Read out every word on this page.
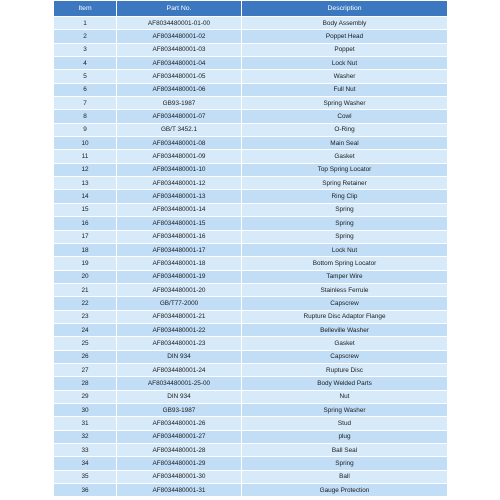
Item	Part No.	Description
1	AF8034480001-01-00	Body Assembly
2	AF8034480001-02	Poppet Head
3	AF8034480001-03	Poppet
4	AF8034480001-04	Lock Nut
5	AF8034480001-05	Washer
6	AF8034480001-06	Full Nut
7	GB93-1987	Spring Washer
8	AF8034480001-07	Cowl
9	GB/T 3452.1	O-Ring
10	AF8034480001-08	Main Seal
11	AF8034480001-09	Gasket
12	AF8034480001-10	Top Spring Locator
13	AF8034480001-12	Spring Retainer
14	AF8034480001-13	Ring Clip
15	AF8034480001-14	Spring
16	AF8034480001-15	Spring
17	AF8034480001-16	Spring
18	AF8034480001-17	Lock Nut
19	AF8034480001-18	Bottom Spring Locator
20	AF8034480001-19	Tamper Wire
21	AF8034480001-20	Stainless Ferrule
22	GB/T77-2000	Capscrew
23	AF8034480001-21	Rupture Disc Adaptor Flange
24	AF8034480001-22	Belleville Washer
25	AF8034480001-23	Gasket
26	DIN 934	Capscrew
27	AF8034480001-24	Rupture Disc
28	AF8034480001-25-00	Body Welded Parts
29	DIN 934	Nut
30	GB93-1987	Spring Washer
31	AF8034480001-26	Stud
32	AF8034480001-27	plug
33	AF8034480001-28	Ball Seal
34	AF8034480001-29	Spring
35	AF8034480001-30	Ball
36	AF8034480001-31	Gauge Protection
